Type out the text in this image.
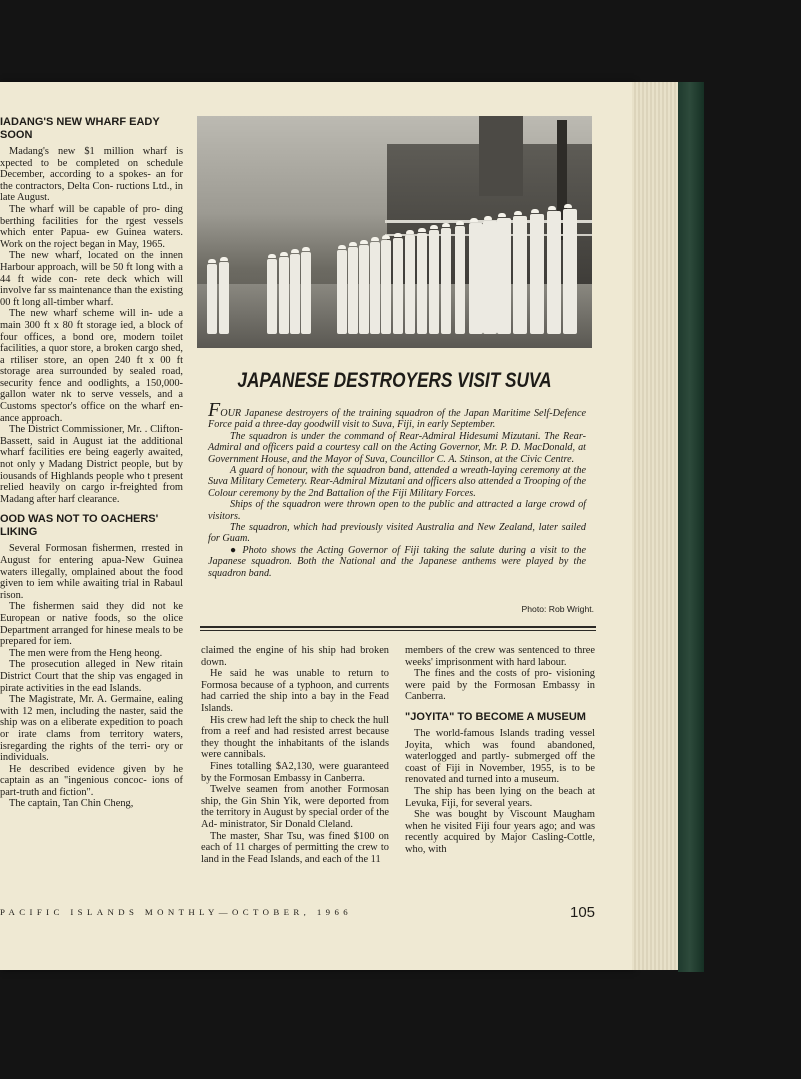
IADANG'S NEW WHARF EADY SOON

Madang's new $1 million wharf is xpected to be completed on schedule December, according to a spokes- an for the contractors, Delta Con- ructions Ltd., in late August.

The wharf will be capable of pro- ding berthing facilities for the rgest vessels which enter Papua- ew Guinea waters. Work on the roject began in May, 1965.

The new wharf, located on the innen Harbour approach, will be 50 ft long with a 44 ft wide con- rete deck which will involve far ss maintenance than the existing 00 ft long all-timber wharf.

The new wharf scheme will in- ude a main 300 ft x 80 ft storage ied, a block of four offices, a bond ore, modern toilet facilities, a quor store, a broken cargo shed, a rtiliser store, an open 240 ft x 00 ft storage area surrounded by sealed road, security fence and oodlights, a 150,000-gallon water nk to serve vessels, and a Customs spector's office on the wharf en- ance approach.

The District Commissioner, Mr. . Clifton-Bassett, said in August iat the additional wharf facilities ere being eagerly awaited, not only y Madang District people, but by iousands of Highlands people who t present relied heavily on cargo ir-freighted from Madang after harf clearance.

OOD WAS NOT TO OACHERS' LIKING

Several Formosan fishermen, rrested in August for entering apua-New Guinea waters illegally, omplained about the food given to iem while awaiting trial in Rabaul rison.

The fishermen said they did not ke European or native foods, so the olice Department arranged for hinese meals to be prepared for iem.

The men were from the Heng heong.

The prosecution alleged in New ritain District Court that the ship vas engaged in pirate activities in the ead Islands.

The Magistrate, Mr. A. Germaine, ealing with 12 men, including the naster, said the ship was on a eliberate expedition to poach or irate clams from territory waters, isregarding the rights of the terri- ory or individuals.

He described evidence given by he captain as an "ingenious concoc- ions of part-truth and fiction".

The captain, Tan Chin Cheng,

JAPANESE DESTROYERS VISIT SUVA

FOUR Japanese destroyers of the training squadron of the Japan Maritime Self-Defence Force paid a three-day goodwill visit to Suva, Fiji, in early September.

The squadron is under the command of Rear-Admiral Hidesumi Mizutani. The Rear-Admiral and officers paid a courtesy call on the Acting Governor, Mr. P. D. MacDonald, at Government House, and the Mayor of Suva, Councillor C. A. Stinson, at the Civic Centre.

A guard of honour, with the squadron band, attended a wreath-laying ceremony at the Suva Military Cemetery. Rear-Admiral Mizutani and officers also attended a Trooping of the Colour ceremony by the 2nd Battalion of the Fiji Military Forces.

Ships of the squadron were thrown open to the public and attracted a large crowd of visitors.

The squadron, which had previously visited Australia and New Zealand, later sailed for Guam.

● Photo shows the Acting Governor of Fiji taking the salute during a visit to the Japanese squadron. Both the National and the Japanese anthems were played by the squadron band.

Photo: Rob Wright.

claimed the engine of his ship had broken down.

He said he was unable to return to Formosa because of a typhoon, and currents had carried the ship into a bay in the Fead Islands.

His crew had left the ship to check the hull from a reef and had resisted arrest because they thought the inhabitants of the islands were cannibals.

Fines totalling $A2,130, were guaranteed by the Formosan Embassy in Canberra.

Twelve seamen from another Formosan ship, the Gin Shin Yik, were deported from the territory in August by special order of the Ad- ministrator, Sir Donald Cleland.

The master, Shar Tsu, was fined $100 on each of 11 charges of permitting the crew to land in the Fead Islands, and each of the 11

members of the crew was sentenced to three weeks' imprisonment with hard labour.

The fines and the costs of pro- visioning were paid by the Formosan Embassy in Canberra.

"JOYITA" TO BECOME A MUSEUM

The world-famous Islands trading vessel Joyita, which was found abandoned, waterlogged and partly- submerged off the coast of Fiji in November, 1955, is to be renovated and turned into a museum.

The ship has been lying on the beach at Levuka, Fiji, for several years.

She was bought by Viscount Maugham when he visited Fiji four years ago; and was recently acquired by Major Casling-Cottle, who, with

PACIFIC ISLANDS MONTHLY—OCTOBER, 1966	105
